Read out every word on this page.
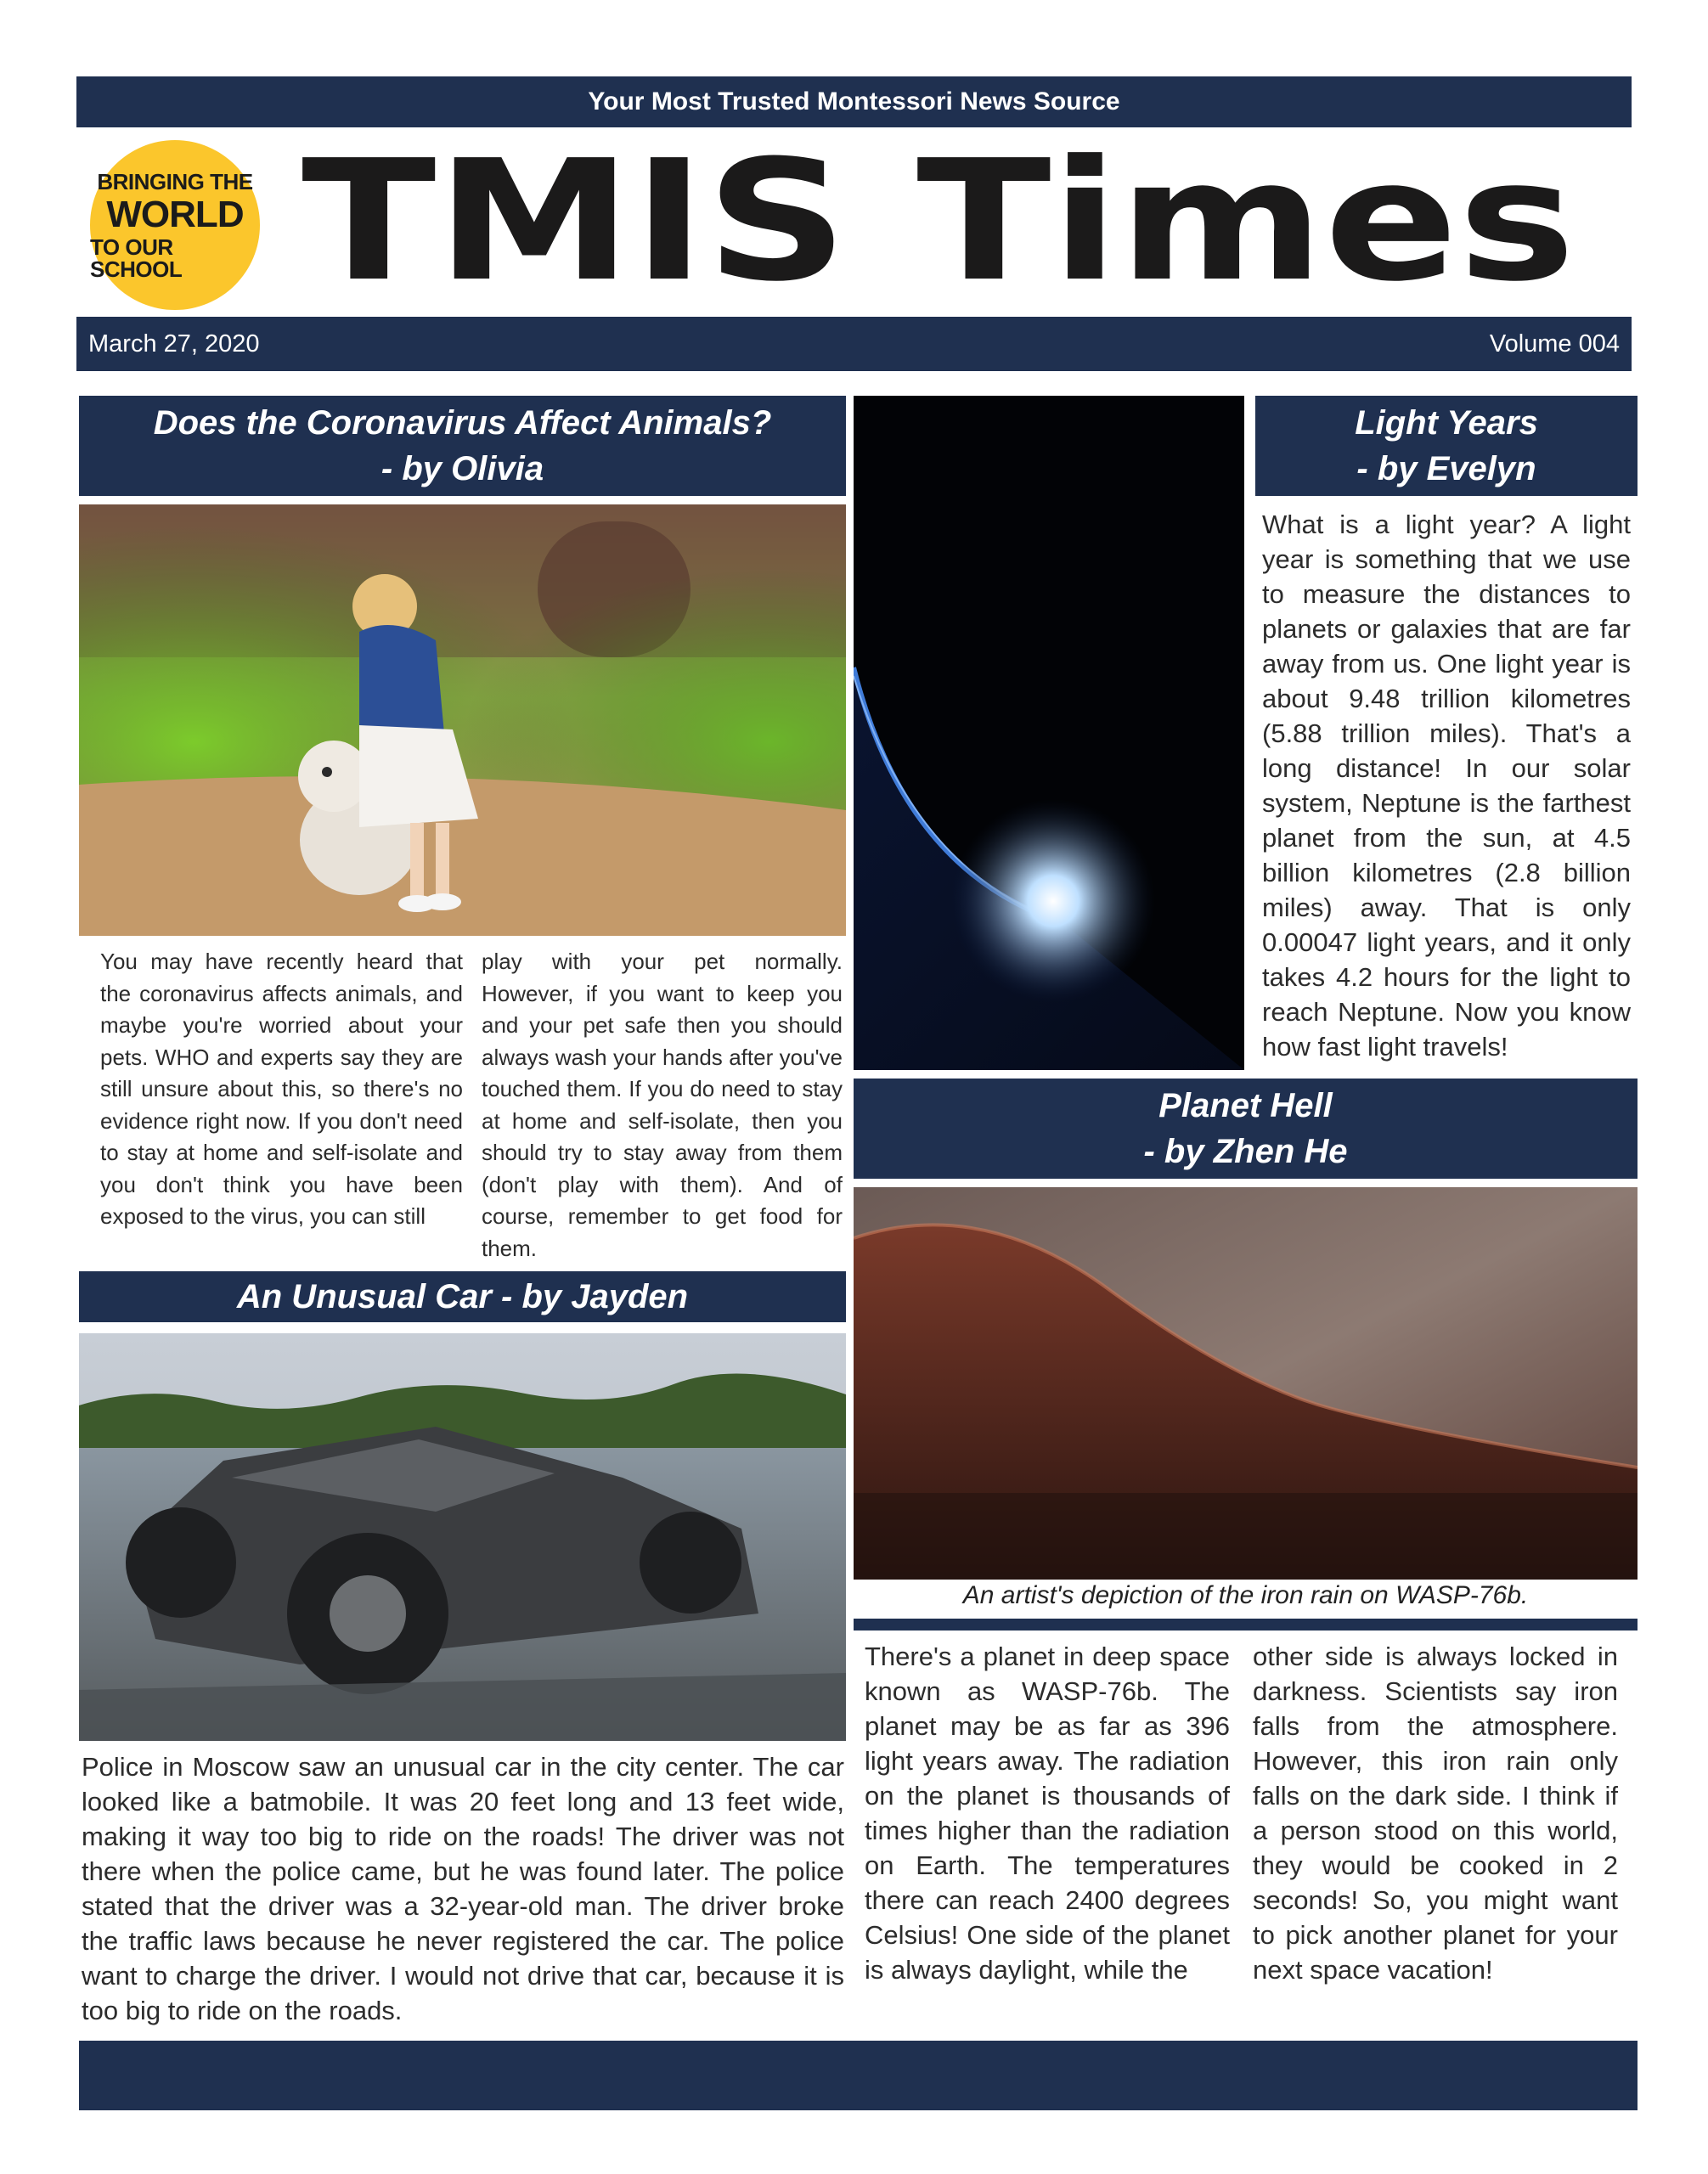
Your Most Trusted Montessori News Source
BRINGING THE
WORLD
TO OUR SCHOOL TMIS Times
March 27, 2020	Volume 004
Does the Coronavirus Affect Animals?
- by Olivia
You may have recently heard that the coronavirus affects animals, and maybe you're worried about your pets. WHO and experts say they are still unsure about this, so there's no evidence right now. If you don't need to stay at home and self-isolate and you don't think you have been exposed to the virus, you can still
play with your pet normally. However, if you want to keep you and your pet safe then you should always wash your hands after you've touched them. If you do need to stay at home and self-isolate, then you should try to stay away from them (don't play with them). And of course, remember to get food for them.
An Unusual Car - by Jayden
Police in Moscow saw an unusual car in the city center. The car looked like a batmobile. It was 20 feet long and 13 feet wide, making it way too big to ride on the roads! The driver was not there when the police came, but he was found later. The police stated that the driver was a 32-year-old man. The driver broke the traffic laws because he never registered the car. The police want to charge the driver. I would not drive that car, because it is too big to ride on the roads.
Light Years
- by Evelyn
What is a light year? A light year is something that we use to measure the distances to planets or galaxies that are far away from us. One light year is about 9.48 trillion kilometres (5.88 trillion miles). That's a long distance! In our solar system, Neptune is the farthest planet from the sun, at 4.5 billion kilometres (2.8 billion miles) away. That is only 0.00047 light years, and it only takes 4.2 hours for the light to reach Neptune. Now you know how fast light travels!
Planet Hell
- by Zhen He
An artist's depiction of the iron rain on WASP-76b.
There's a planet in deep space known as WASP-76b. The planet may be as far as 396 light years away. The radiation on the planet is thousands of times higher than the radiation on Earth. The temperatures there can reach 2400 degrees Celsius! One side of the planet is always daylight, while the
other side is always locked in darkness. Scientists say iron falls from the atmosphere. However, this iron rain only falls on the dark side. I think if a person stood on this world, they would be cooked in 2 seconds! So, you might want to pick another planet for your next space vacation!
